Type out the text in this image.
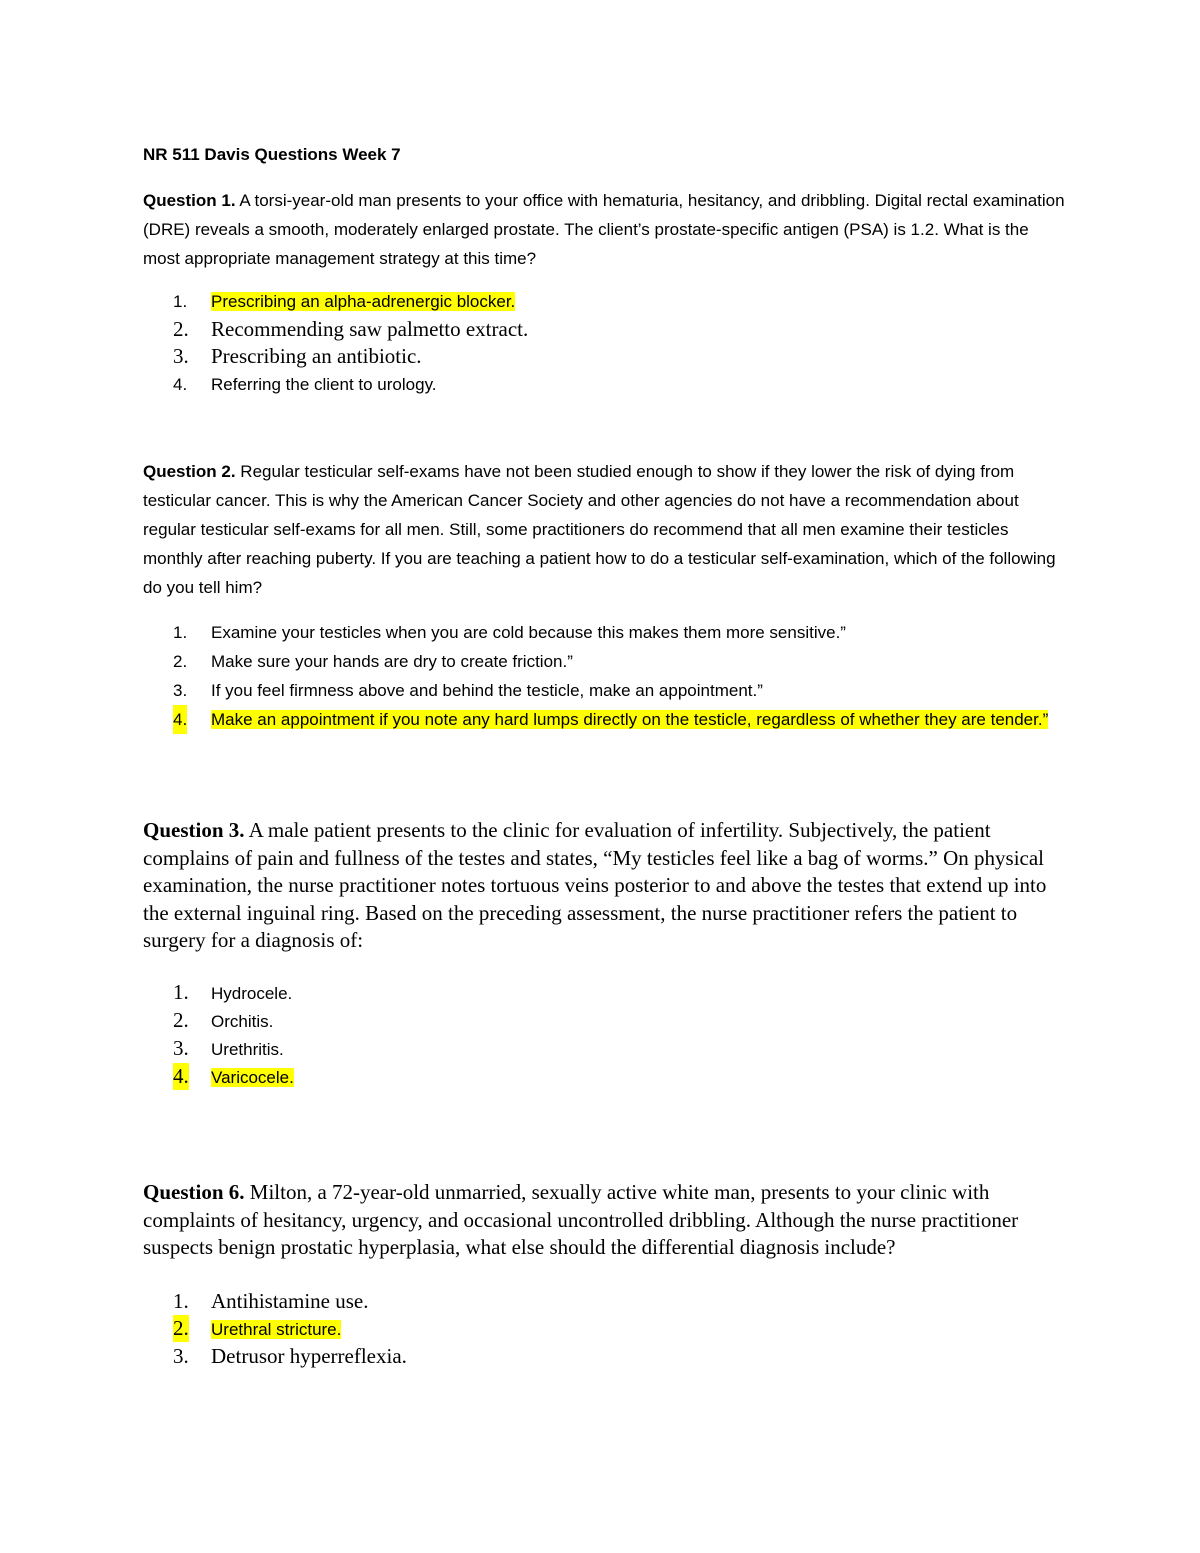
NR 511 Davis Questions Week 7

Question 1. A torsi-year-old man presents to your office with hematuria, hesitancy, and dribbling. Digital rectal examination (DRE) reveals a smooth, moderately enlarged prostate. The client’s prostate-specific antigen (PSA) is 1.2. What is the most appropriate management strategy at this time?

1. Prescribing an alpha-adrenergic blocker.
2. Recommending saw palmetto extract.
3. Prescribing an antibiotic.
4. Referring the client to urology.

Question 2. Regular testicular self-exams have not been studied enough to show if they lower the risk of dying from testicular cancer. This is why the American Cancer Society and other agencies do not have a recommendation about regular testicular self-exams for all men. Still, some practitioners do recommend that all men examine their testicles monthly after reaching puberty. If you are teaching a patient how to do a testicular self-examination, which of the following do you tell him?

1. Examine your testicles when you are cold because this makes them more sensitive.”
2. Make sure your hands are dry to create friction.”
3. If you feel firmness above and behind the testicle, make an appointment.”
4. Make an appointment if you note any hard lumps directly on the testicle, regardless of whether they are tender.”

Question 3. A male patient presents to the clinic for evaluation of infertility. Subjectively, the patient complains of pain and fullness of the testes and states, “My testicles feel like a bag of worms.” On physical examination, the nurse practitioner notes tortuous veins posterior to and above the testes that extend up into the external inguinal ring. Based on the preceding assessment, the nurse practitioner refers the patient to surgery for a diagnosis of:

1. Hydrocele.
2. Orchitis.
3. Urethritis.
4. Varicocele.

Question 6. Milton, a 72-year-old unmarried, sexually active white man, presents to your clinic with complaints of hesitancy, urgency, and occasional uncontrolled dribbling. Although the nurse practitioner suspects benign prostatic hyperplasia, what else should the differential diagnosis include?

1. Antihistamine use.
2. Urethral stricture.
3. Detrusor hyperreflexia.
